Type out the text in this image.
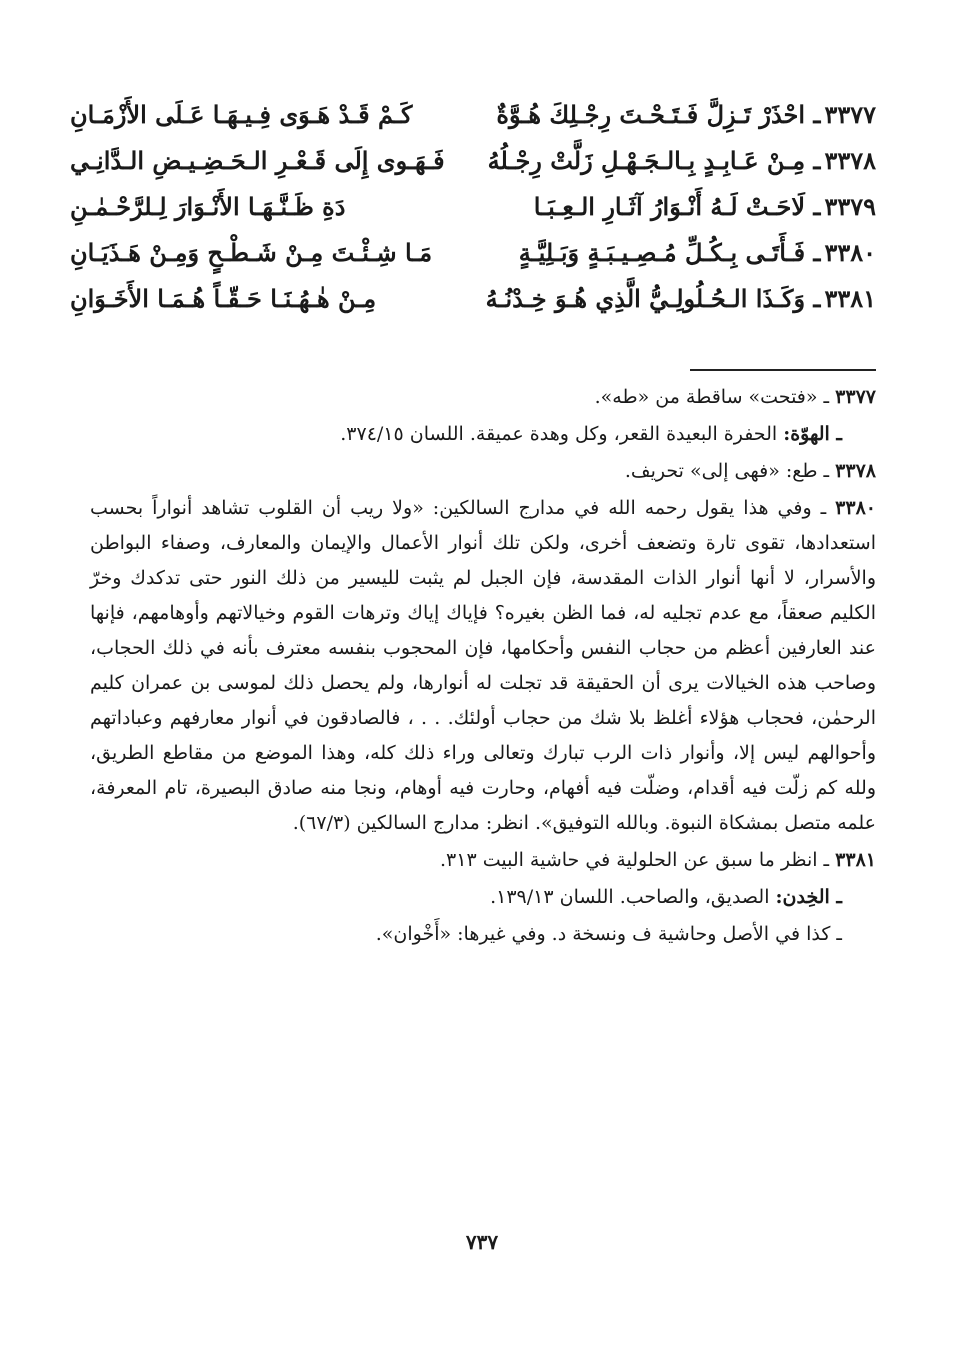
٣٣٧٧ـ احْذَرْ تَـزِلَّ فَـتَـحْـتَ رِجْـلِكَ هُـوَّةٌ
كَـمْ قَـدْ هَـوَى فِـيـهَـا عَـلَى الأَزْمَـانِ
٣٣٧٨ـ مِـنْ عَـابِـدٍ بِـالـجَـهْـلِ زَلَّتْ رِجْـلُهُ
فَـهَـوى إِلَى قَـعْـرِ الـحَـضِـيـضِ الـدَّانِـي
٣٣٧٩ـ لَاحَـتْ لَـهُ أَنْـوَارُ آثَـارِ الـعِـبَـا
دَةِ ظَـنَّـهَـا الأَنْـوَارَ لِـلرَّحْـمٰـنِ
٣٣٨٠ـ فَـأَتَـى بِـكُـلِّ مُـصِـيـبَـةٍ وَبَـلِيَّـةٍ
مَـا شِـئْـتَ مِـنْ شَـطْـحٍ وَمِـنْ هَـذَيَـانِ
٣٣٨١ـ وَكَـذَا الـحُـلُولِـيُّ الَّذِي هُـوَ خِـدْنُـهُ
مِـنْ هٰـهُـنَـا حَـقّـاً هُـمَـا الأَخَـوَانِ
٣٣٧٧ ـ «فتحت» ساقطة من «طه».
ـ الهوّة: الحفرة البعيدة القعر، وكل وهدة عميقة. اللسان ٣٧٤/١٥.
٣٣٧٨ ـ طع: «فهى إلى» تحريف.
٣٣٨٠ ـ وفي هذا يقول رحمه الله في مدارج السالكين: «ولا ريب أن القلوب تشاهد أنواراً بحسب استعدادها، تقوى تارة وتضعف أخرى، ولكن تلك أنوار الأعمال والإيمان والمعارف، وصفاء البواطن والأسرار، لا أنها أنوار الذات المقدسة، فإن الجبل لم يثبت لليسير من ذلك النور حتى تدكدك وخرّ الكليم صعقاً، مع عدم تجليه له، فما الظن بغيره؟ فإياك إياك وترهات القوم وخيالاتهم وأوهامهم، فإنها عند العارفين أعظم من حجاب النفس وأحكامها، فإن المحجوب بنفسه معترف بأنه في ذلك الحجاب، وصاحب هذه الخيالات يرى أن الحقيقة قد تجلت له أنوارها، ولم يحصل ذلك لموسى بن عمران كليم الرحمٰن، فحجاب هؤلاء أغلظ بلا شك من حجاب أولئك. . . ، فالصادقون في أنوار معارفهم وعباداتهم وأحوالهم ليس إلا، وأنوار ذات الرب تبارك وتعالى وراء ذلك كله، وهذا الموضع من مقاطع الطريق، ولله كم زلّت فيه أقدام، وضلّت فيه أفهام، وحارت فيه أوهام، ونجا منه صادق البصيرة، تام المعرفة، علمه متصل بمشكاة النبوة. وبالله التوفيق». انظر: مدارج السالكين (٦٧/٣).
٣٣٨١ ـ انظر ما سبق عن الحلولية في حاشية البيت ٣١٣.
ـ الخِدن: الصديق، والصاحب. اللسان ١٣٩/١٣.
ـ كذا في الأصل وحاشية ف ونسخة د. وفي غيرها: «أَخْوان».
٧٣٧
